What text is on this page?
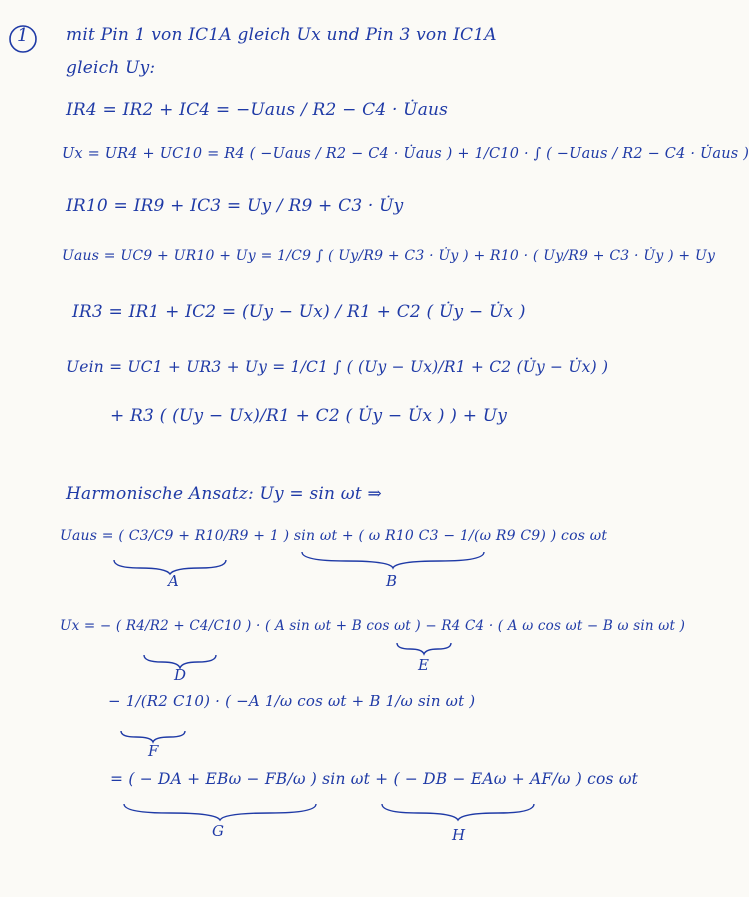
1 mit Pin 1 von IC1A gleich Ux und Pin 3 von IC1A
gleich Uy:
IR4 = IR2 + IC4 = −Uaus / R2 − C4 · U̇aus
Ux = UR4 + UC10 = R4 ( −Uaus / R2 − C4 · U̇aus ) + 1/C10 · ∫ ( −Uaus / R2 − C4 · U̇aus )
IR10 = IR9 + IC3 = Uy / R9 + C3 · U̇y
Uaus = UC9 + UR10 + Uy = 1/C9 ∫ ( Uy/R9 + C3 · U̇y ) + R10 · ( Uy/R9 + C3 · U̇y ) + Uy
IR3 = IR1 + IC2 = (Uy − Ux) / R1 + C2 ( U̇y − U̇x )
Uein = UC1 + UR3 + Uy = 1/C1 ∫ ( (Uy − Ux)/R1 + C2 (U̇y − U̇x) )
+ R3 ( (Uy − Ux)/R1 + C2 ( U̇y − U̇x ) ) + Uy
Harmonische Ansatz: Uy = sin ωt ⇒
Uaus = ( C3/C9 + R10/R9 + 1 ) sin ωt + ( ω R10 C3 − 1/(ω R9 C9) ) cos ωt
A	B
Ux = − ( R4/R2 + C4/C10 ) · ( A sin ωt + B cos ωt ) − R4 C4 · ( A ω cos ωt − B ω sin ωt )
D
E
− 1/(R2 C10) · ( −A 1/ω cos ωt + B 1/ω sin ωt )
F
= ( − DA + EBω − FB/ω ) sin ωt + ( − DB − EAω + AF/ω ) cos ωt
G	H
